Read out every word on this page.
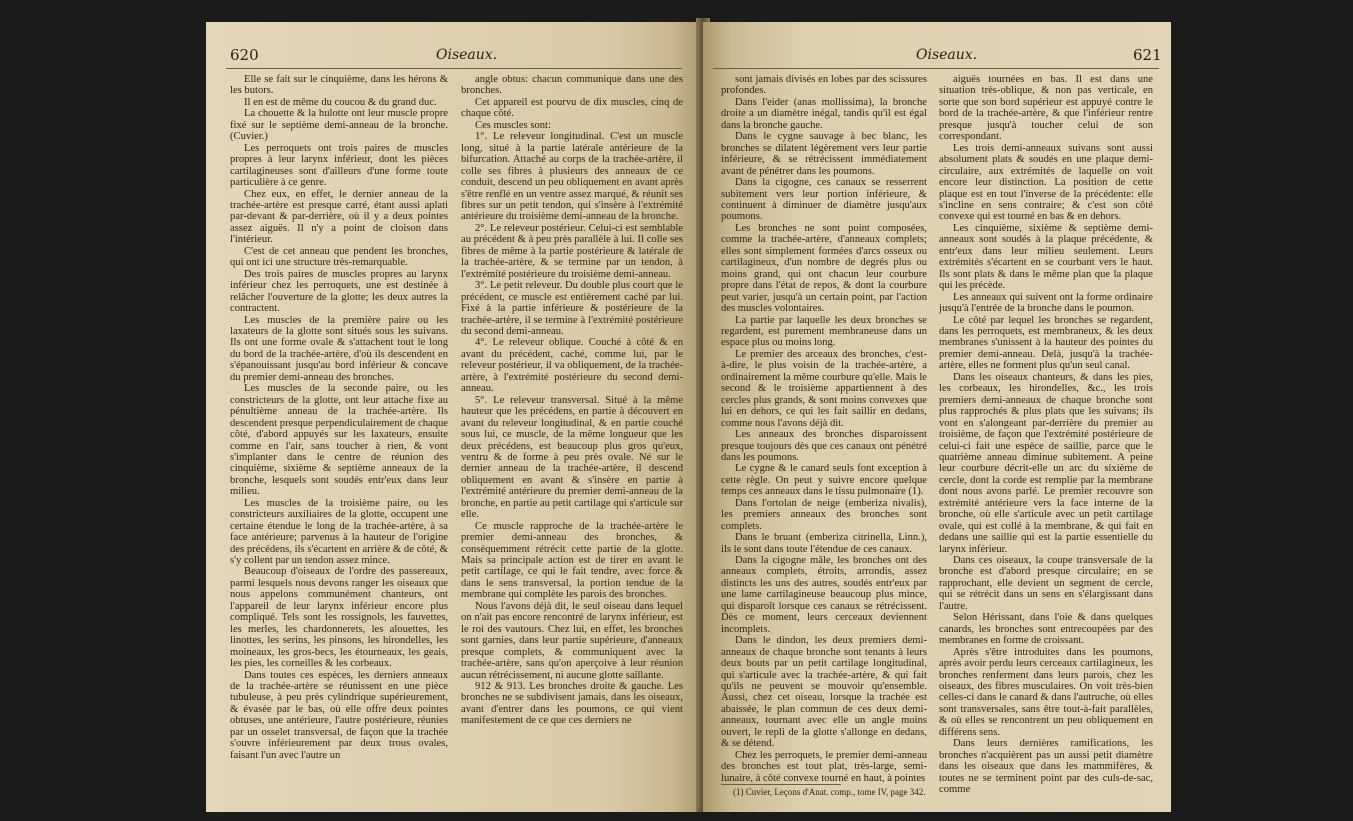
620	Oiseaux.

Elle se fait sur le cinquième, dans les hérons & les butors.

Il en est de même du coucou & du grand duc.

La chouette & la hulotte ont leur muscle propre fixé sur le septième demi-anneau de la bronche. (Cuvier.)

Les perroquets ont trois paires de muscles propres à leur larynx inférieur, dont les pièces cartilagineuses sont d'ailleurs d'une forme toute particulière à ce genre.

Chez eux, en effet, le dernier anneau de la trachée-artère est presque carré, étant aussi aplati par-devant & par-derrière, où il y a deux pointes assez aiguës. Il n'y a point de cloison dans l'intérieur.

C'est de cet anneau que pendent les bronches, qui ont ici une structure très-remarquable.

Des trois paires de muscles propres au larynx inférieur chez les perroquets, une est destinée à relâcher l'ouverture de la glotte; les deux autres la contractent.

Les muscles de la première paire ou les laxateurs de la glotte sont situés sous les suivans. Ils ont une forme ovale & s'attachent tout le long du bord de la trachée-artère, d'où ils descendent en s'épanouissant jusqu'au bord inférieur & concave du premier demi-anneau des bronches.

Les muscles de la seconde paire, ou les constricteurs de la glotte, ont leur attache fixe au pénultième anneau de la trachée-artère. Ils descendent presque perpendiculairement de chaque côté, d'abord appuyés sur les laxateurs, ensuite comme en l'air, sans toucher à rien, & vont s'implanter dans le centre de réunion des cinquième, sixième & septième anneaux de la bronche, lesquels sont soudés entr'eux dans leur milieu.

Les muscles de la troisième paire, ou les constricteurs auxiliaires de la glotte, occupent une certaine étendue le long de la trachée-artère, à sa face antérieure; parvenus à la hauteur de l'origine des précédens, ils s'écartent en arrière & de côté, & s'y collent par un tendon assez mince.

Beaucoup d'oiseaux de l'ordre des passereaux, parmi lesquels nous devons ranger les oiseaux que nous appelons communément chanteurs, ont l'appareil de leur larynx inférieur encore plus compliqué. Tels sont les rossignols, les fauvettes, les merles, les chardonnerets, les alouettes, les linottes, les serins, les pinsons, les hirondelles, les moineaux, les gros-becs, les étourneaux, les geais, les pies, les corneilles & les corbeaux.

Dans toutes ces espèces, les derniers anneaux de la trachée-artère se réunissent en une pièce tubuleuse, à peu près cylindrique supérieurement, & évasée par le bas, où elle offre deux pointes obtuses, une antérieure, l'autre postérieure, réunies par un osselet transversal, de façon que la trachée s'ouvre inférieurement par deux trous ovales, faisant l'un avec l'autre un

angle obtus: chacun communique dans une des bronches.

Cet appareil est pourvu de dix muscles, cinq de chaque côté.

Ces muscles sont:

1°. Le releveur longitudinal. C'est un muscle long, situé à la partie latérale antérieure de la bifurcation. Attaché au corps de la trachée-artère, il colle ses fibres à plusieurs des anneaux de ce conduit, descend un peu obliquement en avant après s'être renflé en un ventre assez marqué, & réunit ses fibres sur un petit tendon, qui s'insère à l'extrémité antérieure du troisième demi-anneau de la bronche.

2°. Le releveur postérieur. Celui-ci est semblable au précédent & à peu près parallèle à lui. Il colle ses fibres de même à la partie postérieure & latérale de la trachée-artère, & se termine par un tendon, à l'extrémité postérieure du troisième demi-anneau.

3°. Le petit releveur. Du double plus court que le précédent, ce muscle est entièrement caché par lui. Fixé à la partie inférieure & postérieure de la trachée-artère, il se termine à l'extrémité postérieure du second demi-anneau.

4°. Le releveur oblique. Couché à côté & en avant du précédent, caché, comme lui, par le releveur postérieur, il va obliquement, de la trachée-artère, à l'extrémité postérieure du second demi-anneau.

5°. Le releveur transversal. Situé à la même hauteur que les précédens, en partie à découvert en avant du releveur longitudinal, & en partie couché sous lui, ce muscle, de la même longueur que les deux précédens, est beaucoup plus gros qu'eux, ventru & de forme à peu près ovale. Né sur le dernier anneau de la trachée-artère, il descend obliquement en avant & s'insère en partie à l'extrémité antérieure du premier demi-anneau de la bronche, en partie au petit cartilage qui s'articule sur elle.

Ce muscle rapproche de la trachée-artère le premier demi-anneau des bronches, & conséquemment rétrécit cette partie de la glotte. Mais sa principale action est de tirer en avant le petit cartilage, ce qui le fait tendre, avec force & dans le sens transversal, la portion tendue de la membrane qui complète les parois des bronches.

Nous l'avons déjà dit, le seul oiseau dans lequel on n'ait pas encore rencontré de larynx inférieur, est le roi des vautours. Chez lui, en effet, les bronches sont garnies, dans leur partie supérieure, d'anneaux presque complets, & communiquent avec la trachée-artère, sans qu'on aperçoive à leur réunion aucun rétrécissement, ni aucune glotte saillante.

912 & 913. Les bronches droite & gauche. Les bronches ne se subdivisent jamais, dans les oiseaux, avant d'entrer dans les poumons, ce qui vient manifestement de ce que ces derniers ne

Oiseaux.	621

sont jamais divisés en lobes par des scissures profondes.

Dans l'eider (anas mollissima), la bronche droite a un diamètre inégal, tandis qu'il est égal dans la bronche gauche.

Dans le cygne sauvage à bec blanc, les bronches se dilatent légèrement vers leur partie inférieure, & se rétrécissent immédiatement avant de pénétrer dans les poumons.

Dans la cigogne, ces canaux se resserrent subitement vers leur portion inférieure, & continuent à diminuer de diamètre jusqu'aux poumons.

Les bronches ne sont point composées, comme la trachée-artère, d'anneaux complets; elles sont simplement formées d'arcs osseux ou cartilagineux, d'un nombre de degrés plus ou moins grand, qui ont chacun leur courbure propre dans l'état de repos, & dont la courbure peut varier, jusqu'à un certain point, par l'action des muscles volontaires.

La partie par laquelle les deux bronches se regardent, est purement membraneuse dans un espace plus ou moins long.

Le premier des arceaux des bronches, c'est-à-dire, le plus voisin de la trachée-artère, a ordinairement la même courbure qu'elle. Mais le second & le troisième appartiennent à des cercles plus grands, & sont moins convexes que lui en dehors, ce qui les fait saillir en dedans, comme nous l'avons déjà dit.

Les anneaux des bronches disparoissent presque toujours dès que ces canaux ont pénétré dans les poumons.

Le cygne & le canard seuls font exception à cette règle. On peut y suivre encore quelque temps ces anneaux dans le tissu pulmonaire (1).

Dans l'ortolan de neige (emberiza nivalis), les premiers anneaux des bronches sont complets.

Dans le bruant (emberiza citrinella, Linn.), ils le sont dans toute l'étendue de ces canaux.

Dans la cigogne mâle, les bronches ont des anneaux complets, étroits, arrondis, assez distincts les uns des autres, soudés entr'eux par une lame cartilagineuse beaucoup plus mince, qui disparoît lorsque ces canaux se rétrécissent. Dès ce moment, leurs cerceaux deviennent incomplets.

Dans le dindon, les deux premiers demi-anneaux de chaque bronche sont tenants à leurs deux bouts par un petit cartilage longitudinal, qui s'articule avec la trachée-artère, & qui fait qu'ils ne peuvent se mouvoir qu'ensemble. Aussi, chez cet oiseau, lorsque la trachée est abaissée, le plan commun de ces deux demi-anneaux, tournant avec elle un angle moins ouvert, le repli de la glotte s'allonge en dedans, & se détend.

Chez les perroquets, le premier demi-anneau des bronches est tout plat, très-large, semi-lunaire, à côté convexe tourné en haut, à pointes

aiguës tournées en bas. Il est dans une situation très-oblique, & non pas verticale, en sorte que son bord supérieur est appuyé contre le bord de la trachée-artère, & que l'inférieur rentre presque jusqu'à toucher celui de son correspondant.

Les trois demi-anneaux suivans sont aussi absolument plats & soudés en une plaque demi-circulaire, aux extrémités de laquelle on voit encore leur distinction. La position de cette plaque est en tout l'inverse de la précédente: elle s'incline en sens contraire; & c'est son côté convexe qui est tourné en bas & en dehors.

Les cinquième, sixième & septième demi-anneaux sont soudés à la plaque précédente, & entr'eux dans leur milieu seulement. Leurs extrémités s'écartent en se courbant vers le haut. Ils sont plats & dans le même plan que la plaque qui les précède.

Les anneaux qui suivent ont la forme ordinaire jusqu'à l'entrée de la bronche dans le poumon.

Le côté par lequel les bronches se regardent, dans les perroquets, est membraneux, & les deux membranes s'unissent à la hauteur des pointes du premier demi-anneau. Delà, jusqu'à la trachée-artère, elles ne forment plus qu'un seul canal.

Dans les oiseaux chanteurs, & dans les pies, les corbeaux, les hirondelles, &c., les trois premiers demi-anneaux de chaque bronche sont plus rapprochés & plus plats que les suivans; ils vont en s'alongeant par-derrière du premier au troisième, de façon que l'extrémité postérieure de celui-ci fait une espèce de saillie, parce que le quatrième anneau diminue subitement. A peine leur courbure décrit-elle un arc du sixième de cercle, dont la corde est remplie par la membrane dont nous avons parlé. Le premier recouvre son extrémité antérieure vers la face interne de la bronche, où elle s'articule avec un petit cartilage ovale, qui est collé à la membrane, & qui fait en dedans une saillie qui est la partie essentielle du larynx inférieur.

Dans ces oiseaux, la coupe transversale de la bronche est d'abord presque circulaire; en se rapprochant, elle devient un segment de cercle, qui se rétrécit dans un sens en s'élargissant dans l'autre.

Selon Hérissant, dans l'oie & dans quelques canards, les bronches sont entrecoupées par des membranes en forme de croissant.

Après s'être introduites dans les poumons, après avoir perdu leurs cerceaux cartilagineux, les bronches renferment dans leurs parois, chez les oiseaux, des fibres musculaires. On voit très-bien celles-ci dans le canard & dans l'autruche, où elles sont transversales, sans être tout-à-fait parallèles, & où elles se rencontrent un peu obliquement en différens sens.

Dans leurs dernières ramifications, les bronches n'acquièrent pas un aussi petit diamètre dans les oiseaux que dans les mammifères, & toutes ne se terminent point par des culs-de-sac, comme

(1) Cuvier, Leçons d'Anat. comp., tome IV, page 342.
